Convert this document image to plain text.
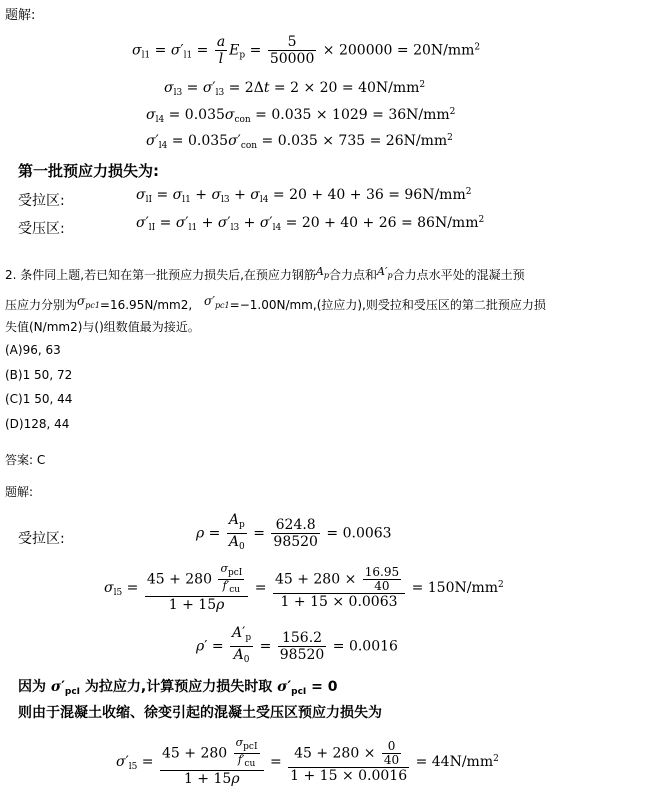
题解:
$\sigma_{l1} = \sigma'_{l1} = \frac{a}{l} E_p = \frac{5}{50000} \times 200000 = 20N/mm^2$
$\sigma_{l3} = \sigma'_{l3} = 2\Delta t = 2 \times 20 = 40N/mm^2$
$\sigma_{l4} = 0.035\sigma_{con} = 0.035 \times 1029 = 36N/mm^2$
$\sigma'_{l4} = 0.035\sigma'_{con} = 0.035 \times 735 = 26N/mm^2$
第一批预应力损失为:
受拉区:	$\sigma_{lI} = \sigma_{l1} + \sigma_{l3} + \sigma_{l4} = 20 + 40 + 36 = 96N/mm^2$
受压区:	$\sigma'_{lI} = \sigma'_{l1} + \sigma'_{l3} + \sigma'_{l4} = 20 + 40 + 26 = 86N/mm^2$
2. 条件同上题,若已知在第一批预应力损失后,在预应力钢筋$A_p$合力点和$A'_p$合力点水平处的混凝土预
压应力分别为$\sigma_{pc1}=16.95N/mm2$, $\sigma'_{pc1}=-1.00N/mm$,(拉应力),则受拉和受压区的第二批预应力损
失值(N/mm2)与()组数值最为接近。
(A)96, 63
(B)1 50, 72
(C)1 50, 44
(D)128, 44
答案: C
题解:
受拉区:	$\rho = \frac{A_p}{A_0} = \frac{624.8}{98520} = 0.0063$
$\sigma_{l5} = \frac{45 + 280 \frac{\sigma_{pcI}}{f'_{cu}}}{1 + 15\rho} = \frac{45 + 280 \times \frac{16.95}{40}}{1 + 15 \times 0.0063} = 150N/mm^2$
$\rho' = \frac{A'_p}{A_0} = \frac{156.2}{98520} = 0.0016$
因为 $\sigma'_{pcI}$ 为拉应力,计算预应力损失时取 $\sigma'_{pcI} = 0$
则由于混凝土收缩、徐变引起的混凝土受压区预应力损失为
$\sigma'_{l5} = \frac{45 + 280 \frac{\sigma_{pcI}}{f'_{cu}}}{1 + 15\rho} = \frac{45 + 280 \times \frac{0}{40}}{1 + 15 \times 0.0016} = 44N/mm^2$
